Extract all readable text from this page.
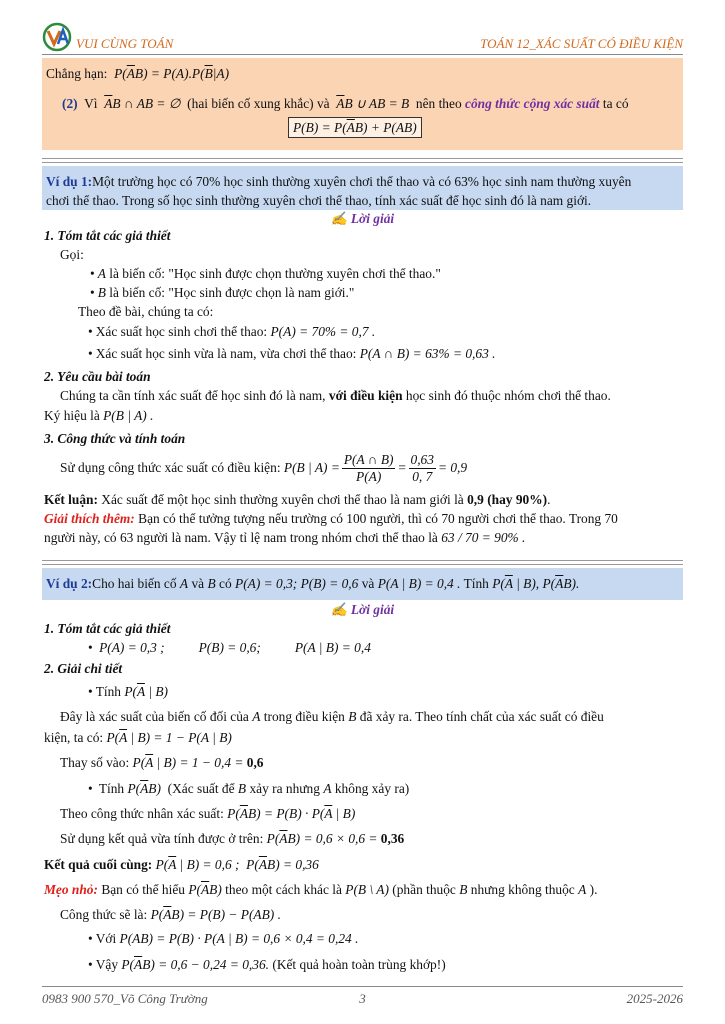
VUI CÙNG TOÁN	TOÁN 12_XÁC SUẤT CÓ ĐIỀU KIỆN
Chẳng hạn:  $P(\overline{A}B) = P(A).P(\overline{B}|A)$
(2) Vì $\overline{A}B$ ∩ AB = ∅  (hai biến cố xung khắc) và $\overline{A}B$ ∪ AB = B  nên theo công thức cộng xác suất ta có
$P(B) = P(\overline{A}B) + P(AB)$
Ví dụ 1:Một trường học có 70% học sinh thường xuyên chơi thể thao và có 63% học sinh nam thường xuyên
chơi thể thao. Trong số học sinh thường xuyên chơi thể thao, tính xác suất để học sinh đó là nam giới.
✍ Lời giải
1. Tóm tắt các giả thiết
Gọi:
• A là biến cố: "Học sinh được chọn thường xuyên chơi thể thao."
• B là biến cố: "Học sinh được chọn là nam giới."
Theo đề bài, chúng ta có:
• Xác suất học sinh chơi thể thao: P(A) = 70% = 0,7 .
• Xác suất học sinh vừa là nam, vừa chơi thể thao: P(A ∩ B) = 63% = 0,63 .
2. Yêu cầu bài toán
Chúng ta cần tính xác suất để học sinh đó là nam, với điều kiện học sinh đó thuộc nhóm chơi thể thao.
Ký hiệu là P(B | A) .
3. Công thức và tính toán
Sử dụng công thức xác suất có điều kiện: P(B | $A) = \frac{P(A \cap B)}{P(A)} = \frac{0,63}{0, 7} = 0,9$
Kết luận: Xác suất để một học sinh thường xuyên chơi thể thao là nam giới là 0,9 (hay 90%).
Giải thích thêm: Bạn có thể tưởng tượng nếu trường có 100 người, thì có 70 người chơi thể thao. Trong 70
người này, có 63 người là nam. Vậy tỉ lệ nam trong nhóm chơi thể thao là 63 / 70 = 90% .
Ví dụ 2:Cho hai biến cố A và B có P(A) = 0,3; P(B) = 0,6 và P(A | B) = 0,4 . Tính $P(\overline{A}$ | B), $P(\overline{A}B)$.
✍ Lời giải
1. Tóm tắt các giả thiết
• P(A) = 0,3 ;	P(B) = 0,6;	P(A | B) = 0,4
2. Giải chi tiết
• Tính $P(\overline{A}$ | B)
Đây là xác suất của biến cố đối của A trong điều kiện B đã xảy ra. Theo tính chất của xác suất có điều
kiện, ta có: $P(\overline{A}$ | B) = 1 − P(A | B)
Thay số vào: $P(\overline{A}$ | B) = 1 − 0,4 = 0,6
• Tính $P(\overline{A}B)$ (Xác suất để B xảy ra nhưng A không xảy ra)
Theo công thức nhân xác suất: $P(\overline{A}B) = P(B) \cdot P(\overline{A}$ | B)
Sử dụng kết quả vừa tính được ở trên: $P(\overline{A}B) = 0,6 \times 0,6 = 0,36$
Kết quả cuối cùng: $P(\overline{A}$ | B) = 0,6 ;  $P(\overline{A}B) = 0,36$
Mẹo nhỏ: Bạn có thể hiểu $P(\overline{A}B)$ theo một cách khác là P(B \ A) (phần thuộc B nhưng không thuộc A ).
Công thức sẽ là: $P(\overline{A}B) = P(B) - P(AB)$ .
• Với P(AB) = P(B) · P(A | B) = 0,6 × 0,4 = 0,24 .
• Vậy $P(\overline{A}B) = 0,6 - 0,24 = 0,36$. (Kết quả hoàn toàn trùng khớp!)
0983 900 570_Võ Công Trường	3	2025-2026
